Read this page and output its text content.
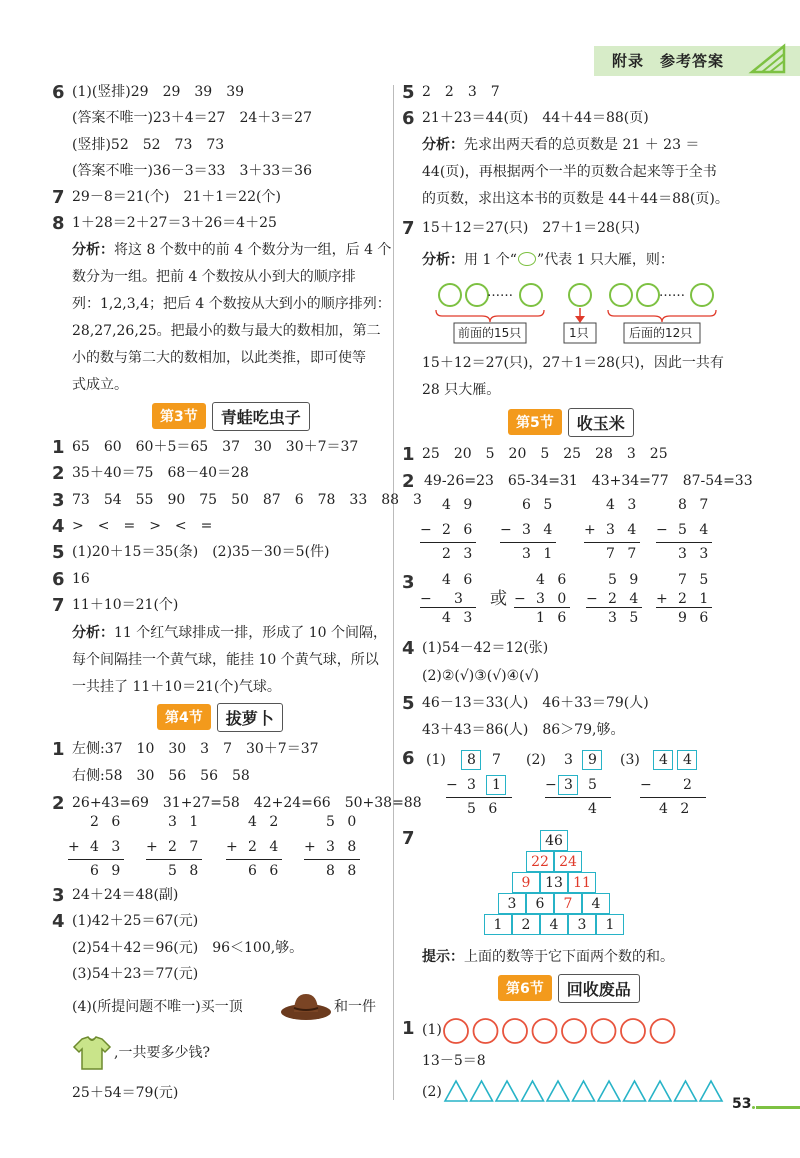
附录　参考答案
6 (1)(竖排)29　29　39　39
(答案不唯一)23＋4＝27　24＋3＝27
(竖排)52　52　73　73
(答案不唯一)36－3＝33　3＋33＝36
7 29－8＝21(个)　21＋1＝22(个)
8 1＋28＝2＋27＝3＋26＝4＋25
分析：将这 8 个数中的前 4 个数分为一组，后 4 个
数分为一组。把前 4 个数按从小到大的顺序排
列：1,2,3,4；把后 4 个数按从大到小的顺序排列：
28,27,26,25。把最小的数与最大的数相加，第二
小的数与第二大的数相加，以此类推，即可使等
式成立。
第3节	青蛙吃虫子
1 65　60　60＋5＝65　37　30　30＋7＝37
2 35＋40＝75　68－40＝28
3 73　54　55　90　75　50　87　6　78　33　88　3
4 >　<　=　>　<　=
5 (1)20＋15＝35(条)　(2)35－30＝5(件)
6 16
7 11＋10＝21(个)
分析：11 个红气球排成一排，形成了 10 个间隔，
每个间隔挂一个黄气球，能挂 10 个黄气球，所以
一共挂了 11＋10＝21(个)气球。
第4节	拔萝卜
1 左侧:37　10　30　3　7　30＋7＝37
右侧:58　30　56　56　58
2 26+43=69　31+27=58　42+24=66　50+38=88
2 6
+ 4 3
6 9
3 1
+ 2 7
5 8
4 2
+ 2 4
6 6
5 0
+ 3 8
8 8
3 24＋24＝48(副)
4 (1)42＋25＝67(元)
(2)54＋42＝96(元)　96＜100,够。
(3)54＋23＝77(元)
(4)(所提问题不唯一)买一顶	和一件
,一共要多少钱?
25＋54＝79(元)
5 2　2　3　7
6 21＋23＝44(页)　44＋44＝88(页)
分析：先求出两天看的总页数是 21 ＋ 23 ＝
44(页)，再根据两个一半的页数合起来等于全书
的页数，求出这本书的页数是 44＋44＝88(页)。
7 15＋12＝27(只)　27＋1＝28(只)
分析：用 1 个“ ”代表 1 只大雁，则：
……	……
前面的15只	1只	后面的12只
15＋12＝27(只)，27＋1＝28(只)，因此一共有
28 只大雁。
第5节	收玉米
1 25　20　5　20　5　25　28　3　25
2 49-26=23　65-34=31　43+34=77　87-54=33
4 9
− 2 6
2 3
6 5
− 3 4
3 1
4 3
+ 3 4
7 7
8 7
− 5 4
3 3
3
或
4 6
− 3
4 3
4 6
− 3 0
1 6
5 9
− 2 4
3 5
7 5
+ 2 1
9 6
4 (1)54－42＝12(张)
(2)②(√)③(√)④(√)
5 46－13＝33(人)　46＋33＝79(人)
43＋43＝86(人)　86＞79,够。
6 (1)	(2)	(3)
8 7
− 3 1
5 6
3 9
− 3 5
4
4 4
− 2
4 2
7	46
22 24
9	13 11
3	6	7	4
1	2	4	3	1
提示：上面的数等于它下面两个数的和。
第6节	回收废品
1 (1)
13－5＝8
(2)
53
